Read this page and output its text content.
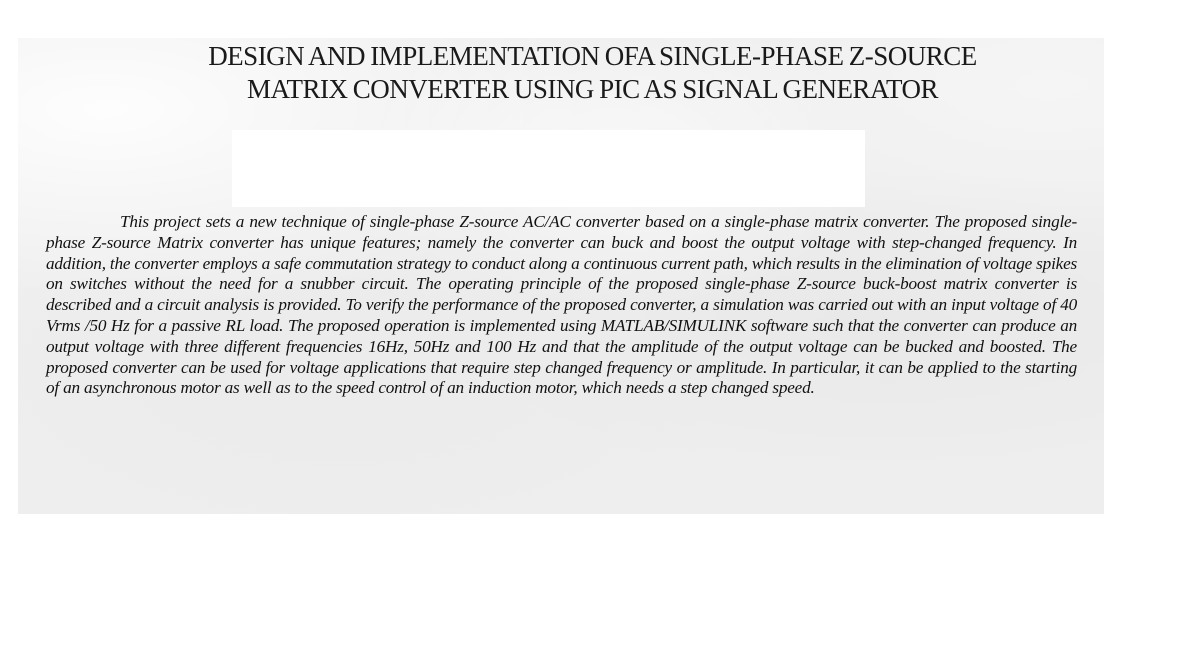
DESIGN AND IMPLEMENTATION OFA SINGLE-PHASE Z-SOURCE
MATRIX CONVERTER USING PIC AS SIGNAL GENERATOR

This project sets a new technique of single-phase Z-source AC/AC converter based on a single-phase matrix converter. The proposed single-phase Z-source Matrix converter has unique features; namely the converter can buck and boost the output voltage with step-changed frequency. In addition, the converter employs a safe commutation strategy to conduct along a continuous current path, which results in the elimination of voltage spikes on switches without the need for a snubber circuit. The operating principle of the proposed single-phase Z-source buck-boost matrix converter is described and a circuit analysis is provided. To verify the performance of the proposed converter, a simulation was carried out with an input voltage of 40 Vrms /50 Hz for a passive RL load. The proposed operation is implemented using MATLAB/SIMULINK software such that the converter can produce an output voltage with three different frequencies 16Hz, 50Hz and 100 Hz and that the amplitude of the output voltage can be bucked and boosted. The proposed converter can be used for voltage applications that require step changed frequency or amplitude. In particular, it can be applied to the starting of an asynchronous motor as well as to the speed control of an induction motor, which needs a step changed speed.
